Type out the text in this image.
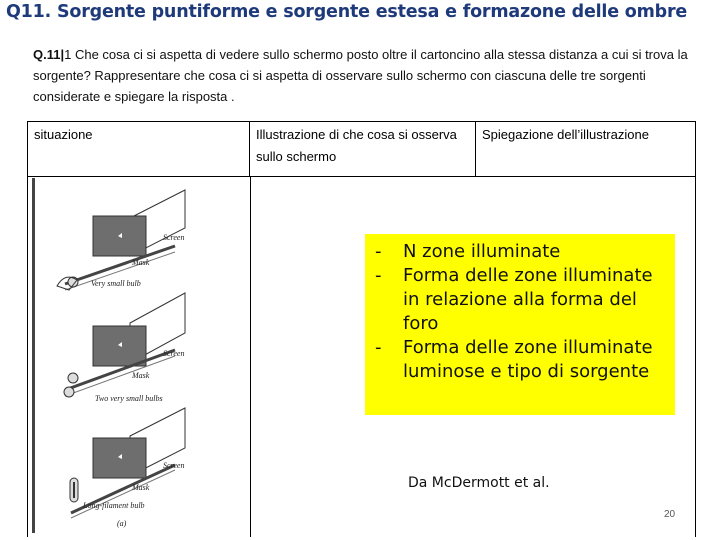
Q11. Sorgente puntiforme e sorgente estesa e formazone delle ombre
Q.11|1 Che cosa ci si aspetta di vedere sullo schermo posto oltre il cartoncino alla stessa distanza a cui si trova la sorgente? Rappresentare che cosa ci si aspetta di osservare sullo schermo con ciascuna delle tre sorgenti considerate e spiegare la risposta .
situazione	Illustrazione di che cosa si osserva sullo schermo
Spiegazione dell’illustrazione
Screen
Mask
Very small bulb
Screen
Mask
Two very small bulbs
Screen
Mask
Long-filament bulb
(a)
- N zone illuminate
- Forma delle zone illuminate in relazione alla forma del foro
- Forma delle zone illuminate luminose e tipo di sorgente
Da McDermott et al.
20
